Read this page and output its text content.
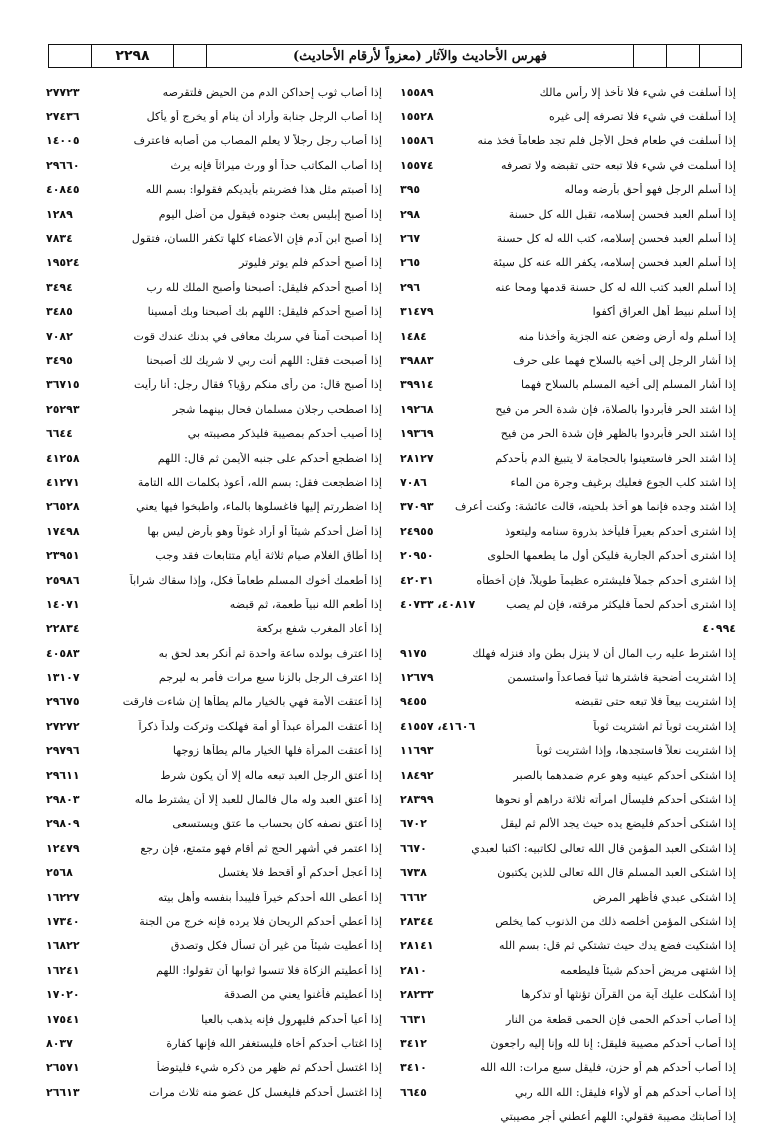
٢٢٩٨	فهرس الأحاديث والآثار (معزواً لأرقام الأحاديث)
إذا أسلفت في شيء فلا تأخذ إلا رأس مالك
١٥٥٨٩
إذا أسلفت في شيء فلا تصرفه إلى غيره
١٥٥٢٨
إذا أسلفت في طعام فحل الأجل فلم تجد طعاماً فخذ منه
١٥٥٨٦
إذا أسلمت في شيء فلا تبعه حتى تقبضه ولا تصرفه
١٥٥٧٤
إذا أسلم الرجل فهو أحق بأرضه وماله
٣٩٥
إذا أسلم العبد فحسن إسلامه، تقبل الله كل حسنة
٢٩٨
إذا أسلم العبد فحسن إسلامه، كتب الله له كل حسنة
٢٦٧
إذا أسلم العبد فحسن إسلامه، يكفر الله عنه كل سيئة
٢٦٥
إذا أسلم العبد كتب الله له كل حسنة قدمها ومحا عنه
٢٩٦
إذا أسلم نبيط أهل العراق أكفوا
٣١٤٧٩
إذا أسلم وله أرض وضعن عنه الجزية وأخذنا منه
١٤٨٤
إذا أشار الرجل إلى أخيه بالسلاح فهما على حرف
٣٩٨٨٣
إذا أشار المسلم إلى أخيه المسلم بالسلاح فهما
٣٩٩١٤
إذا اشتد الحر فأبردوا بالصلاة، فإن شدة الحر من فيح
١٩٢٦٨
إذا اشتد الحر فأبردوا بالظهر فإن شدة الحر من فيح
١٩٣٦٩
إذا اشتد الحر فاستعينوا بالحجامة لا يتبيغ الدم بأحدكم
٢٨١٢٧
إذا اشتد كلب الجوع فعليك برغيف وجرة من الماء
٧٠٨٦
إذا اشتد وجده فإنما هو أخذ بلحيته، قالت عائشة: وكنت أعرف
٣٧٠٩٣
إذا اشترى أحدكم بعيراً فليأخذ بذروة سنامه وليتعوذ
٢٤٩٥٥
إذا اشترى أحدكم الجارية فليكن أول ما يطعمها الحلوى
٢٠٩٥٠
إذا اشترى أحدكم جملاً فليشتره عظيماً طويلاً، فإن أخطأه
٤٢٠٣١
إذا اشترى أحدكم لحماً فليكثر مرقته، فإن لم يصب
٤٠٨١٧، ٤٠٧٣٣
٤٠٩٩٤
إذا اشترط عليه رب المال أن لا ينزل بطن واد فنزله فهلك
٩١٧٥
إذا اشتريت أضحية فاشترها ثنياً فصاعداً واستسمن
١٢٦٧٩
إذا اشتريت بيعاً فلا تبعه حتى تقبضه
٩٤٥٥
إذا اشتريت ثوباً ثم اشتريت ثوباً
٤١٦٠٦، ٤١٥٥٧
إذا اشتريت نعلاً فاستجدها، وإذا اشتريت ثوباً
١١٦٩٣
إذا اشتكى أحدكم عينيه وهو عرم ضمدهما بالصبر
١٨٤٩٢
إذا اشتكى أحدكم فليسأل امرأته ثلاثة دراهم أو نحوها
٢٨٣٩٩
إذا اشتكى أحدكم فليضع يده حيث يجد الألم ثم ليقل
٦٧٠٢
إذا اشتكى العبد المؤمن قال الله تعالى لكاتبيه: اكتبا لعبدي
٦٦٧٠
إذا اشتكى العبد المسلم قال الله تعالى للذين يكتبون
٦٧٣٨
إذا اشتكى عبدي فأظهر المرض
٦٦٦٢
إذا اشتكى المؤمن أخلصه ذلك من الذنوب كما يخلص
٢٨٣٤٤
إذا اشتكيت فضع يدك حيث تشتكي ثم قل: بسم الله
٢٨١٤١
إذا اشتهى مريض أحدكم شيئاً فليطعمه
٢٨١٠
إذا أشكلت عليك آية من القرآن تؤنثها أو تذكرها
٢٨٢٣٣
إذا أصاب أحدكم الحمى فإن الحمى قطعة من النار
٦٦٣١
إذا أصاب أحدكم مصيبة فليقل: إنا لله وإنا إليه راجعون
٣٤١٢
إذا أصاب أحدكم هم أو حزن، فليقل سبع مرات: الله الله
٣٤١٠
إذا أصاب أحدكم هم أو لأواء فليقل: الله الله ربي
٦٦٤٥
إذا أصابتك مصيبة فقولي: اللهم أعطني أجر مصيبتي
إذا أصاب ثوب إحداكن الدم من الحيض فلتقرصه
٢٧٧٢٣
إذا أصاب الرجل جنابة وأراد أن ينام أو يخرج أو يأكل
٢٧٤٣٦
إذا أصاب رجل رجلاً لا يعلم المصاب من أصابه فاعترف
١٤٠٠٥
إذا أصاب المكاتب حداً أو ورث ميراثاً فإنه يرث
٢٩٦٦٠
إذا أصبتم مثل هذا فضربتم بأيديكم فقولوا: بسم الله
٤٠٨٤٥
إذا أصبح إبليس بعث جنوده فيقول من أضل اليوم
١٢٨٩
إذا أصبح ابن آدم فإن الأعضاء كلها تكفر اللسان، فتقول
٧٨٣٤
إذا أصبح أحدكم فلم يوتر فليوتر
١٩٥٢٤
إذا أصبح أحدكم فليقل: أصبحنا وأصبح الملك لله رب
٣٤٩٤
إذا أصبح أحدكم فليقل: اللهم بك أصبحنا وبك أمسينا
٣٤٨٥
إذا أصبحت آمناً في سربك معافى في بدنك عندك قوت
٧٠٨٢
إذا أصبحت فقل: اللهم أنت ربي لا شريك لك أصبحنا
٣٤٩٥
إذا أصبح قال: من رأى منكم رؤيا؟ فقال رجل: أنا رأيت
٣٦٧١٥
إذا اصطحب رجلان مسلمان فحال بينهما شجر
٢٥٢٩٣
إذا أصيب أحدكم بمصيبة فليذكر مصيبته بي
٦٦٤٤
إذا اضطجع أحدكم على جنبه الأيمن ثم قال: اللهم
٤١٢٥٨
إذا اضطجعت فقل: بسم الله، أعوذ بكلمات الله التامة
٤١٢٧١
إذا اضطررتم إليها فاغسلوها بالماء، واطبخوا فيها يعني
٢٦٥٢٨
إذا أضل أحدكم شيئاً أو أراد غوثاً وهو بأرض ليس بها
١٧٤٩٨
إذا أطاق الغلام صيام ثلاثة أيام متتابعات فقد وجب
٢٣٩٥١
إذا أطعمك أخوك المسلم طعاماً فكل، وإذا سقاك شراباً
٢٥٩٨٦
إذا أطعم الله نبياً طعمة، ثم قبضه
١٤٠٧١
إذا أعاد المغرب شفع بركعة
٢٢٨٣٤
إذا اعترف بولده ساعة واحدة ثم أنكر بعد لحق به
٤٠٥٨٣
إذا اعترف الرجل بالزنا سبع مرات فأمر به ليرجم
١٣١٠٧
إذا أعتقت الأمة فهي بالخيار مالم يطأها إن شاءت فارقت
٢٩٦٧٥
إذا أعتقت المرأة عبداً أو أمة فهلكت وتركت ولداً ذكراً
٢٧٢٧٢
إذا أعتقت المرأة فلها الخيار مالم يطأها زوجها
٢٩٧٩٦
إذا أعتق الرجل العبد تبعه ماله إلا أن يكون شرط
٢٩٦١١
إذا أعتق العبد وله مال فالمال للعبد إلا أن يشترط ماله
٢٩٨٠٣
إذا أعتق نصفه كان بحساب ما عتق ويستسعى
٢٩٨٠٩
إذا اعتمر في أشهر الحج ثم أقام فهو متمتع، فإن رجع
١٢٤٧٩
إذا أعجل أحدكم أو أقحط فلا يغتسل
٢٥٦٨
إذا أعطى الله أحدكم خيراً فليبدأ بنفسه وأهل بيته
١٦٢٢٧
إذا أعطي أحدكم الريحان فلا يرده فإنه خرج من الجنة
١٧٣٤٠
إذا أعطيت شيئاً من غير أن تسأل فكل وتصدق
١٦٨٢٢
إذا أعطيتم الزكاة فلا تنسوا ثوابها أن تقولوا: اللهم
١٦٢٤١
إذا أعطيتم فأغنوا يعني من الصدقة
١٧٠٢٠
إذا أعيا أحدكم فليهرول فإنه يذهب بالعيا
١٧٥٤١
إذا اغتاب أحدكم أخاه فليستغفر الله فإنها كفارة
٨٠٣٧
إذا اغتسل أحدكم ثم ظهر من ذكره شيء فليتوضأ
٢٦٥٧١
إذا اغتسل أحدكم فليغسل كل عضو منه ثلاث مرات
٢٦٦١٣
